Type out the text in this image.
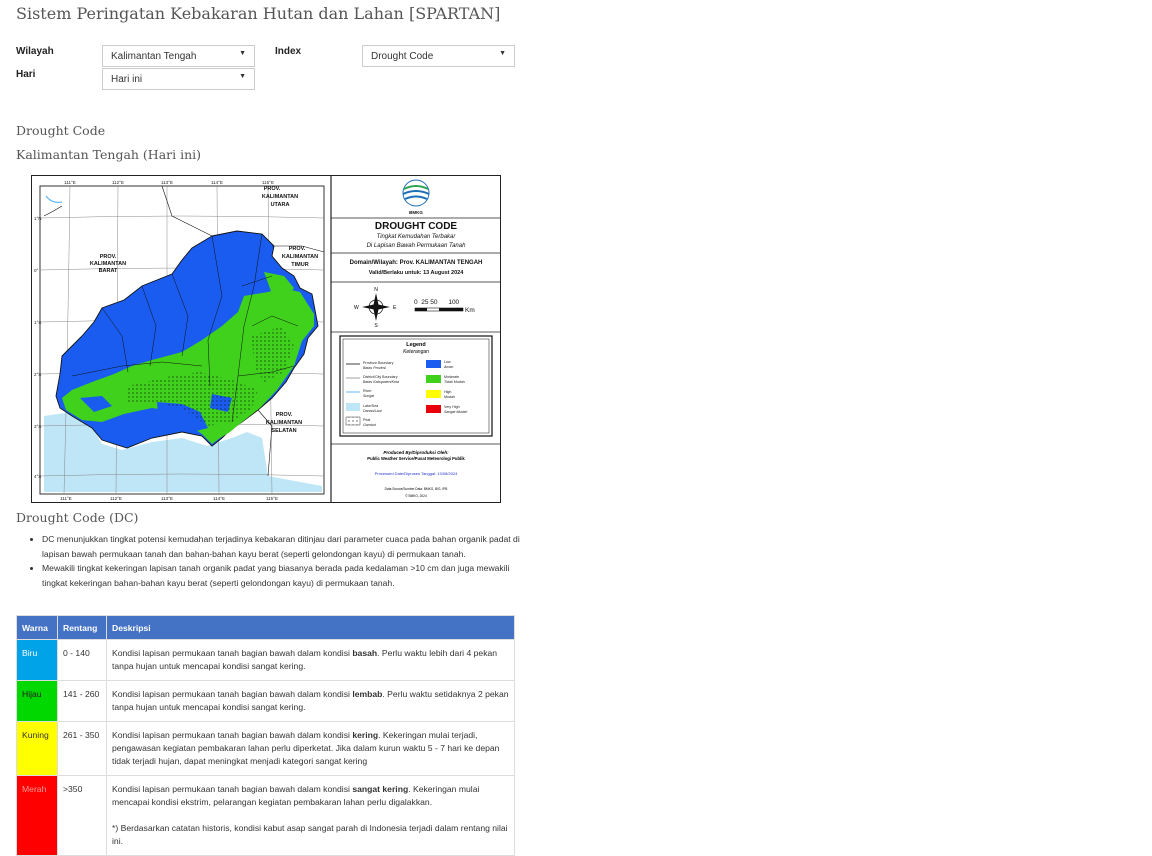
Sistem Peringatan Kebakaran Hutan dan Lahan [SPARTAN]
Wilayah	Kalimantan Tengah	▼	Index	Drought Code	▼
Hari	Hari ini	▼
Drought Code
Kalimantan Tengah (Hari ini)
PROV.
KALIMANTAN
BARAT
PROV.
KALIMANTAN
UTARA
PROV.
KALIMANTAN
TIMUR
PROV.
KALIMANTAN
SELATAN
111°E	112°E	113°E	114°E	115°E
111°E	112°E	113°E	114°E	115°E
1°N
0°
1°S
2°S
3°S
4°S
BMKG
DROUGHT CODE
Tingkat Kemudahan Terbakar
Di Lapisan Bawah Permukaan Tanah
Domain/Wilayah: Prov. KALIMANTAN TENGAH
Valid/Berlaku untuk: 13 August 2024
N
S
E
W
0  25 50      100
Km
Legend
Keterangan
Province Boundary
Batas Provinsi
District/City Boundary
Batas Kabupaten/Kota
River
Sungai
Lake/Sea
Danau/Laut
Peat
Gambut
Low
Aman
Moderate
Tidak Mudah
High
Mudah
Very High
Sangat Mudah
Produced By/Diproduksi Oleh:
Public Weather Service/Pusat Meteorologi Publik
Processed Date/Diproses Tanggal: 13/08/2024
Data Source/Sumber Data: BMKG, BIG, IPB
© BMKG, 2024
Drought Code (DC)
• DC menunjukkan tingkat potensi kemudahan terjadinya kebakaran ditinjau dari parameter cuaca pada bahan organik padat di lapisan bawah permukaan tanah dan bahan-bahan kayu berat (seperti gelondongan kayu) di permukaan tanah.
• Mewakili tingkat kekeringan lapisan tanah organik padat yang biasanya berada pada kedalaman >10 cm dan juga mewakili tingkat kekeringan bahan-bahan kayu berat (seperti gelondongan kayu) di permukaan tanah.
Warna	Rentang	Deskripsi
Biru	0 - 140	Kondisi lapisan permukaan tanah bagian bawah dalam kondisi basah. Perlu waktu lebih dari 4 pekan tanpa hujan untuk mencapai kondisi sangat kering.
Hijau	141 - 260	Kondisi lapisan permukaan tanah bagian bawah dalam kondisi lembab. Perlu waktu setidaknya 2 pekan tanpa hujan untuk mencapai kondisi sangat kering.
Kuning	261 - 350	Kondisi lapisan permukaan tanah bagian bawah dalam kondisi kering. Kekeringan mulai terjadi, pengawasan kegiatan pembakaran lahan perlu diperketat. Jika dalam kurun waktu 5 - 7 hari ke depan tidak terjadi hujan, dapat meningkat menjadi kategori sangat kering
Merah	>350	Kondisi lapisan permukaan tanah bagian bawah dalam kondisi sangat kering. Kekeringan mulai mencapai kondisi ekstrim, pelarangan kegiatan pembakaran lahan perlu digalakkan.
*) Berdasarkan catatan historis, kondisi kabut asap sangat parah di Indonesia terjadi dalam rentang nilai ini.
